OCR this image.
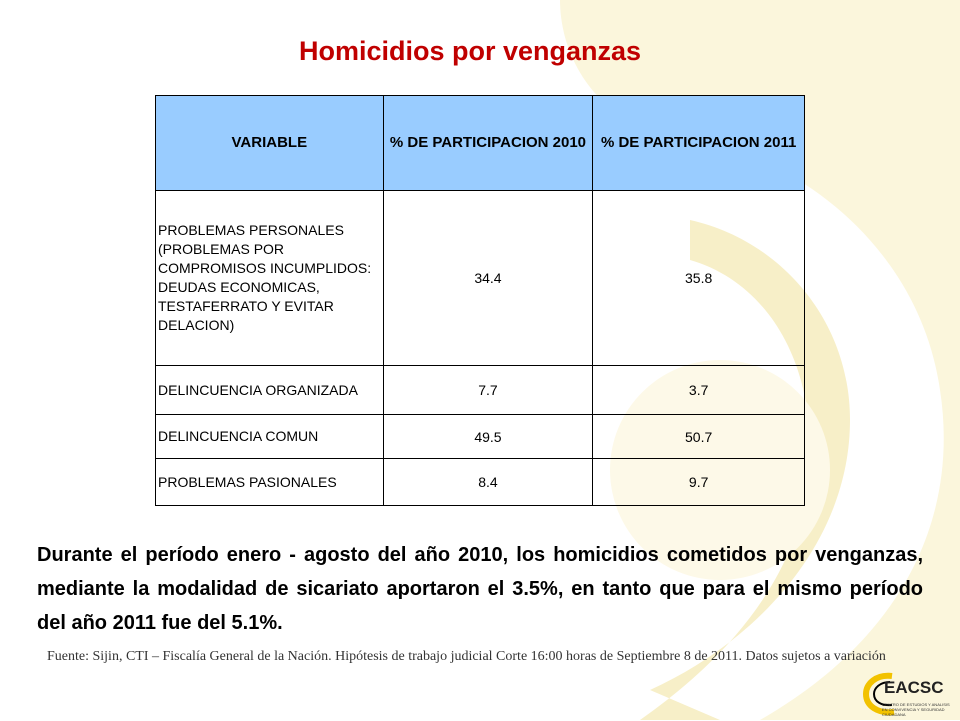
Homicidios por venganzas
VARIABLE	% DE PARTICIPACION 2010	% DE PARTICIPACION 2011
PROBLEMAS PERSONALES (PROBLEMAS POR COMPROMISOS INCUMPLIDOS: DEUDAS ECONOMICAS, TESTAFERRATO Y EVITAR DELACION)	34.4	35.8
DELINCUENCIA ORGANIZADA	7.7	3.7
DELINCUENCIA COMUN	49.5	50.7
PROBLEMAS PASIONALES	8.4	9.7
Durante el período enero - agosto del año 2010, los homicidios cometidos por venganzas, mediante la modalidad de sicariato aportaron el 3.5%, en tanto que para el mismo período del año 2011 fue del 5.1%.
Fuente: Sijin, CTI – Fiscalía General de la Nación. Hipótesis de trabajo judicial Corte 16:00 horas de Septiembre 8 de 2011. Datos sujetos a variación
EACSC
CENTRO DE ESTUDIOS Y ANALISIS EN CONVIVENCIA Y SEGURIDAD CIUDADANA
